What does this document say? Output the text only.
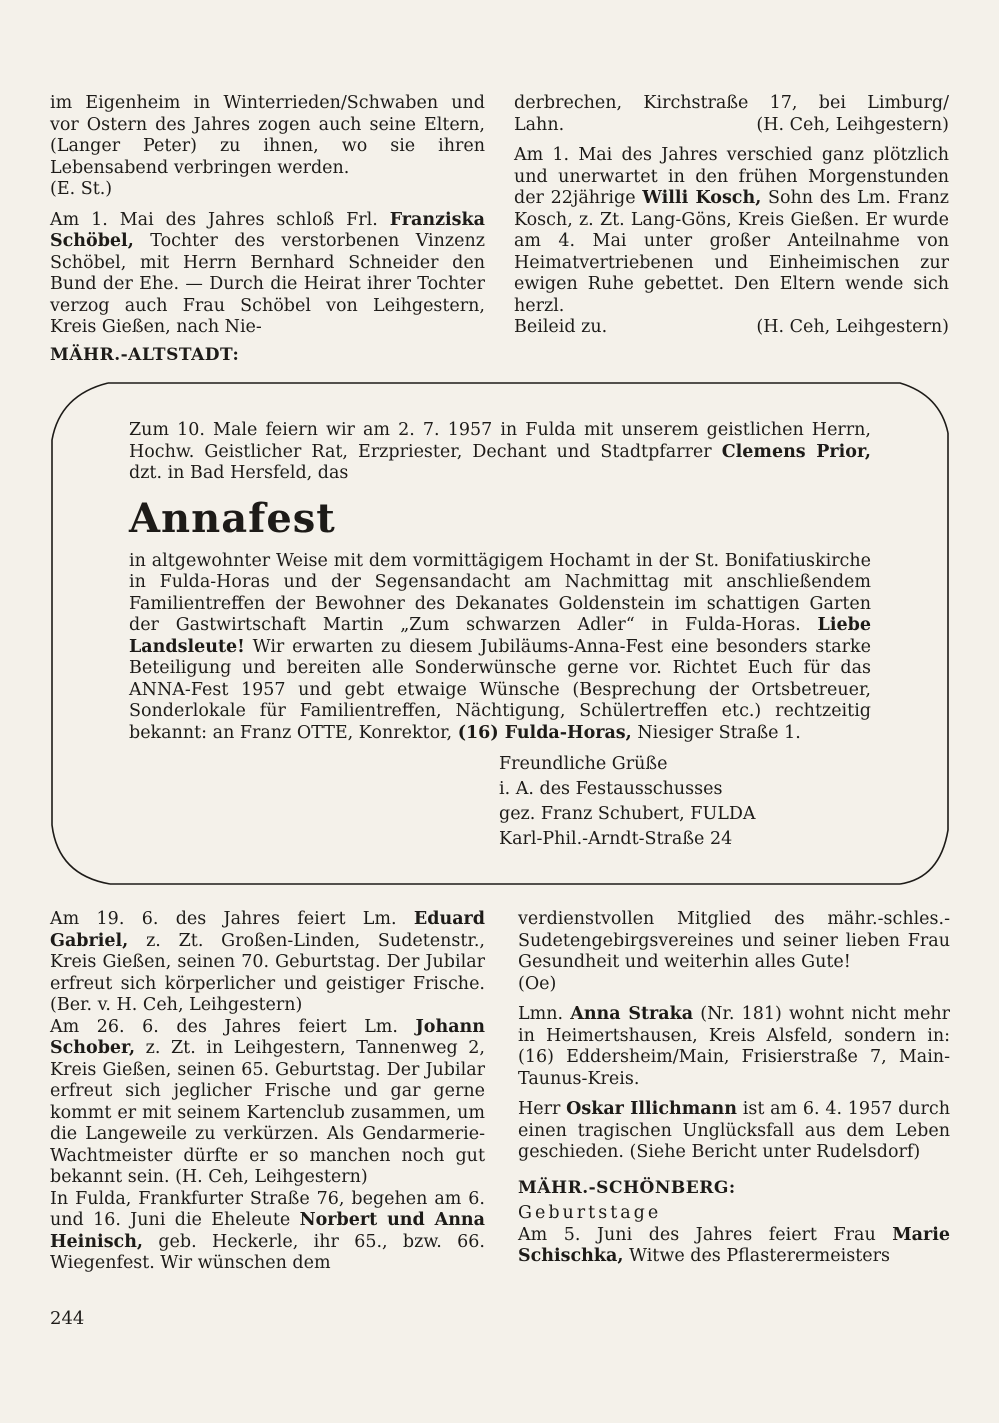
im Eigenheim in Winterrieden/Schwaben und vor Ostern des Jahres zogen auch seine Eltern, (Langer Peter) zu ihnen, wo sie ihren Lebensabend verbringen werden.

(E. St.)

Am 1. Mai des Jahres schloß Frl. Franziska Schöbel, Tochter des verstorbenen Vinzenz Schöbel, mit Herrn Bernhard Schneider den Bund der Ehe. — Durch die Heirat ihrer Tochter verzog auch Frau Schöbel von Leihgestern, Kreis Gießen, nach Nie-

derbrechen, Kirchstraße 17, bei Limburg/

Lahn.	(H. Ceh, Leihgestern)

Am 1. Mai des Jahres verschied ganz plötzlich und unerwartet in den frühen Morgenstunden der 22jährige Willi Kosch, Sohn des Lm. Franz Kosch, z. Zt. Lang-Göns, Kreis Gießen. Er wurde am 4. Mai unter großer Anteilnahme von Heimatvertriebenen und Einheimischen zur ewigen Ruhe gebettet. Den Eltern wende sich herzl.

Beileid zu.	(H. Ceh, Leihgestern)
MÄHR.-ALTSTADT:

Zum 10. Male feiern wir am 2. 7. 1957 in Fulda mit unserem geistlichen Herrn, Hochw. Geistlicher Rat, Erzpriester, Dechant und Stadtpfarrer Clemens Prior, dzt. in Bad Hersfeld, das

Annafest

in altgewohnter Weise mit dem vormittägigem Hochamt in der St. Bonifatiuskirche in Fulda-Horas und der Segensandacht am Nachmittag mit anschließendem Familientreffen der Bewohner des Dekanates Goldenstein im schattigen Garten der Gastwirtschaft Martin „Zum schwarzen Adler“ in Fulda-Horas. Liebe Landsleute! Wir erwarten zu diesem Jubiläums-Anna-Fest eine besonders starke Beteiligung und bereiten alle Sonderwünsche gerne vor. Richtet Euch für das ANNA-Fest 1957 und gebt etwaige Wünsche (Besprechung der Ortsbetreuer, Sonderlokale für Familientreffen, Nächtigung, Schülertreffen etc.) rechtzeitig bekannt: an Franz OTTE, Konrektor, (16) Fulda-Horas, Niesiger Straße 1.

Freundliche Grüße
i. A. des Festausschusses
gez. Franz Schubert, FULDA
Karl-Phil.-Arndt-Straße 24

Am 19. 6. des Jahres feiert Lm. Eduard Gabriel, z. Zt. Großen-Linden, Sudetenstr., Kreis Gießen, seinen 70. Geburtstag. Der Jubilar erfreut sich körperlicher und geistiger Frische. (Ber. v. H. Ceh, Leihgestern)

Am 26. 6. des Jahres feiert Lm. Johann Schober, z. Zt. in Leihgestern, Tannenweg 2, Kreis Gießen, seinen 65. Geburtstag. Der Jubilar erfreut sich jeglicher Frische und gar gerne kommt er mit seinem Kartenclub zusammen, um die Langeweile zu verkürzen. Als Gendarmerie-Wachtmeister dürfte er so manchen noch gut bekannt sein. (H. Ceh, Leihgestern)

In Fulda, Frankfurter Straße 76, begehen am 6. und 16. Juni die Eheleute Norbert und Anna Heinisch, geb. Heckerle, ihr 65., bzw. 66. Wiegenfest. Wir wünschen dem

verdienstvollen Mitglied des mähr.-schles.-Sudetengebirgsvereines und seiner lieben Frau Gesundheit und weiterhin alles Gute!

(Oe)

Lmn. Anna Straka (Nr. 181) wohnt nicht mehr in Heimertshausen, Kreis Alsfeld, sondern in: (16) Eddersheim/Main, Frisierstraße 7, Main-Taunus-Kreis.

Herr Oskar Illichmann ist am 6. 4. 1957 durch einen tragischen Unglücksfall aus dem Leben geschieden. (Siehe Bericht unter Rudelsdorf)

MÄHR.-SCHÖNBERG:

Geburtstage

Am 5. Juni des Jahres feiert Frau Marie Schischka, Witwe des Pflasterermeisters

244
